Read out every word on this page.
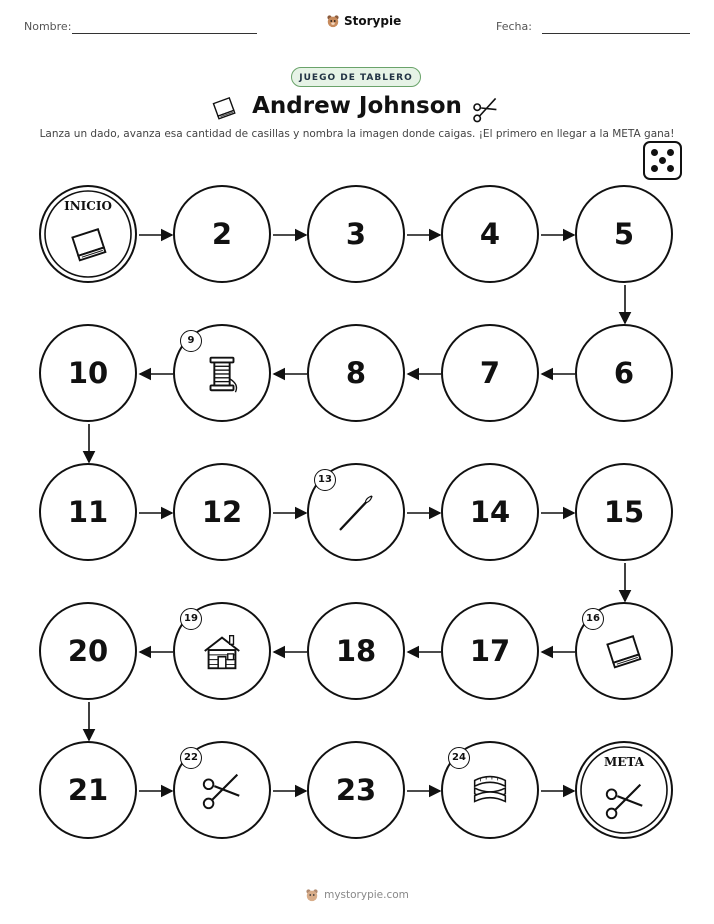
Nombre:	Fecha:
Storypie
JUEGO DE TABLERO
Andrew Johnson
Lanza un dado, avanza esa cantidad de casillas y nombra la imagen donde caigas. ¡El primero en llegar a la META gana!
INICIO
2	3	4	5
6
7
8
9
10
11	12
13
14	15
16
17
18
19
20
21
22
23
24	META
mystorypie.com
